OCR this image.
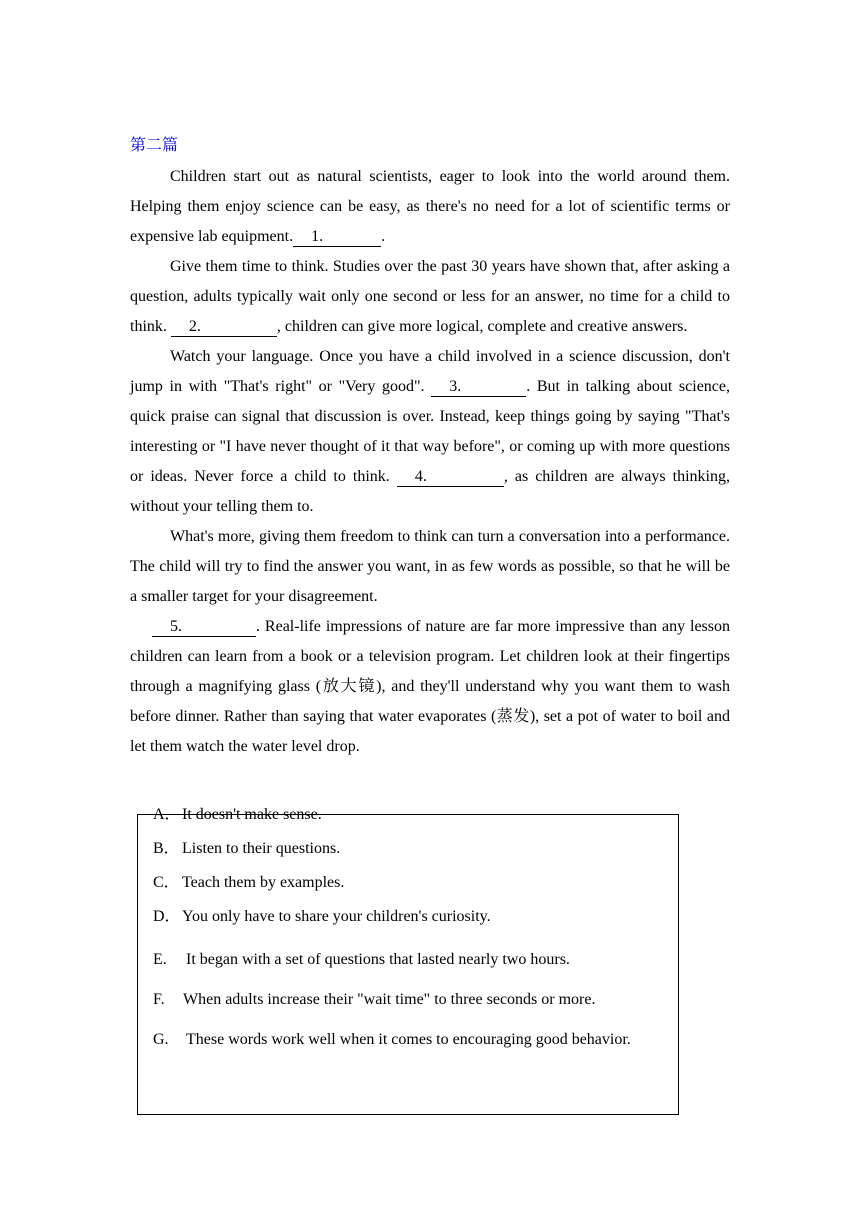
第二篇

Children start out as natural scientists, eager to look into the world around them. Helping them enjoy science can be easy, as there's no need for a lot of scientific terms or expensive lab equipment. 1.	.

Give them time to think. Studies over the past 30 years have shown that, after asking a question, adults typically wait only one second or less for an answer, no time for a child to think. 2.	, children can give more logical, complete and creative answers.

Watch your language. Once you have a child involved in a science discussion, don't jump in with "That's right" or "Very good". 3.	. But in talking about science, quick praise can signal that discussion is over. Instead, keep things going by saying "That's interesting or "I have never thought of it that way before", or coming up with more questions or ideas. Never force a child to think. 4.	, as children are always thinking, without your telling them to.

What's more, giving them freedom to think can turn a conversation into a performance. The child will try to find the answer you want, in as few words as possible, so that he will be a smaller target for your disagreement.

5.	. Real-life impressions of nature are far more impressive than any lesson children can learn from a book or a television program. Let children look at their fingertips through a magnifying glass (放大镜), and they'll understand why you want them to wash before dinner. Rather than saying that water evaporates (蒸发), set a pot of water to boil and let them watch the water level drop.

A．It doesn't make sense.
B． Listen to their questions.
C． Teach them by examples.
D．You only have to share your children's curiosity.
E. It began with a set of questions that lasted nearly two hours.
F. When adults increase their "wait time" to three seconds or more.
G. These words work well when it comes to encouraging good behavior.
